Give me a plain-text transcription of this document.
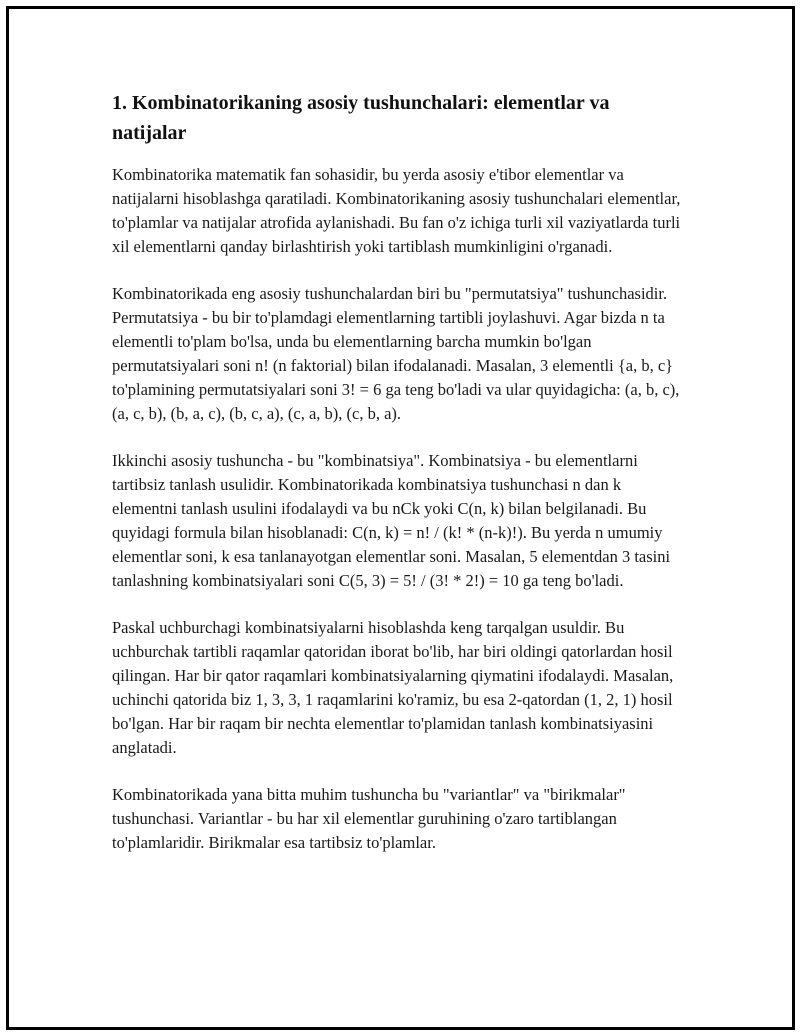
1. Kombinatorikaning asosiy tushunchalari: elementlar va natijalar

Kombinatorika matematik fan sohasidir, bu yerda asosiy e'tibor elementlar va natijalarni hisoblashga qaratiladi. Kombinatorikaning asosiy tushunchalari elementlar, to'plamlar va natijalar atrofida aylanishadi. Bu fan o'z ichiga turli xil vaziyatlarda turli xil elementlarni qanday birlashtirish yoki tartiblash mumkinligini o'rganadi.

Kombinatorikada eng asosiy tushunchalardan biri bu "permutatsiya" tushunchasidir. Permutatsiya - bu bir to'plamdagi elementlarning tartibli joylashuvi. Agar bizda n ta elementli to'plam bo'lsa, unda bu elementlarning barcha mumkin bo'lgan permutatsiyalari soni n! (n faktorial) bilan ifodalanadi. Masalan, 3 elementli {a, b, c} to'plamining permutatsiyalari soni 3! = 6 ga teng bo'ladi va ular quyidagicha: (a, b, c), (a, c, b), (b, a, c), (b, c, a), (c, a, b), (c, b, a).

Ikkinchi asosiy tushuncha - bu "kombinatsiya". Kombinatsiya - bu elementlarni tartibsiz tanlash usulidir. Kombinatorikada kombinatsiya tushunchasi n dan k elementni tanlash usulini ifodalaydi va bu nCk yoki C(n, k) bilan belgilanadi. Bu quyidagi formula bilan hisoblanadi: C(n, k) = n! / (k! * (n-k)!). Bu yerda n umumiy elementlar soni, k esa tanlanayotgan elementlar soni. Masalan, 5 elementdan 3 tasini tanlashning kombinatsiyalari soni C(5, 3) = 5! / (3! * 2!) = 10 ga teng bo'ladi.

Paskal uchburchagi kombinatsiyalarni hisoblashda keng tarqalgan usuldir. Bu uchburchak tartibli raqamlar qatoridan iborat bo'lib, har biri oldingi qatorlardan hosil qilingan. Har bir qator raqamlari kombinatsiyalarning qiymatini ifodalaydi. Masalan, uchinchi qatorida biz 1, 3, 3, 1 raqamlarini ko'ramiz, bu esa 2-qatordan (1, 2, 1) hosil bo'lgan. Har bir raqam bir nechta elementlar to'plamidan tanlash kombinatsiyasini anglatadi.

Kombinatorikada yana bitta muhim tushuncha bu "variantlar" va "birikmalar" tushunchasi. Variantlar - bu har xil elementlar guruhining o'zaro tartiblangan to'plamlaridir. Birikmalar esa tartibsiz to'plamlar.
